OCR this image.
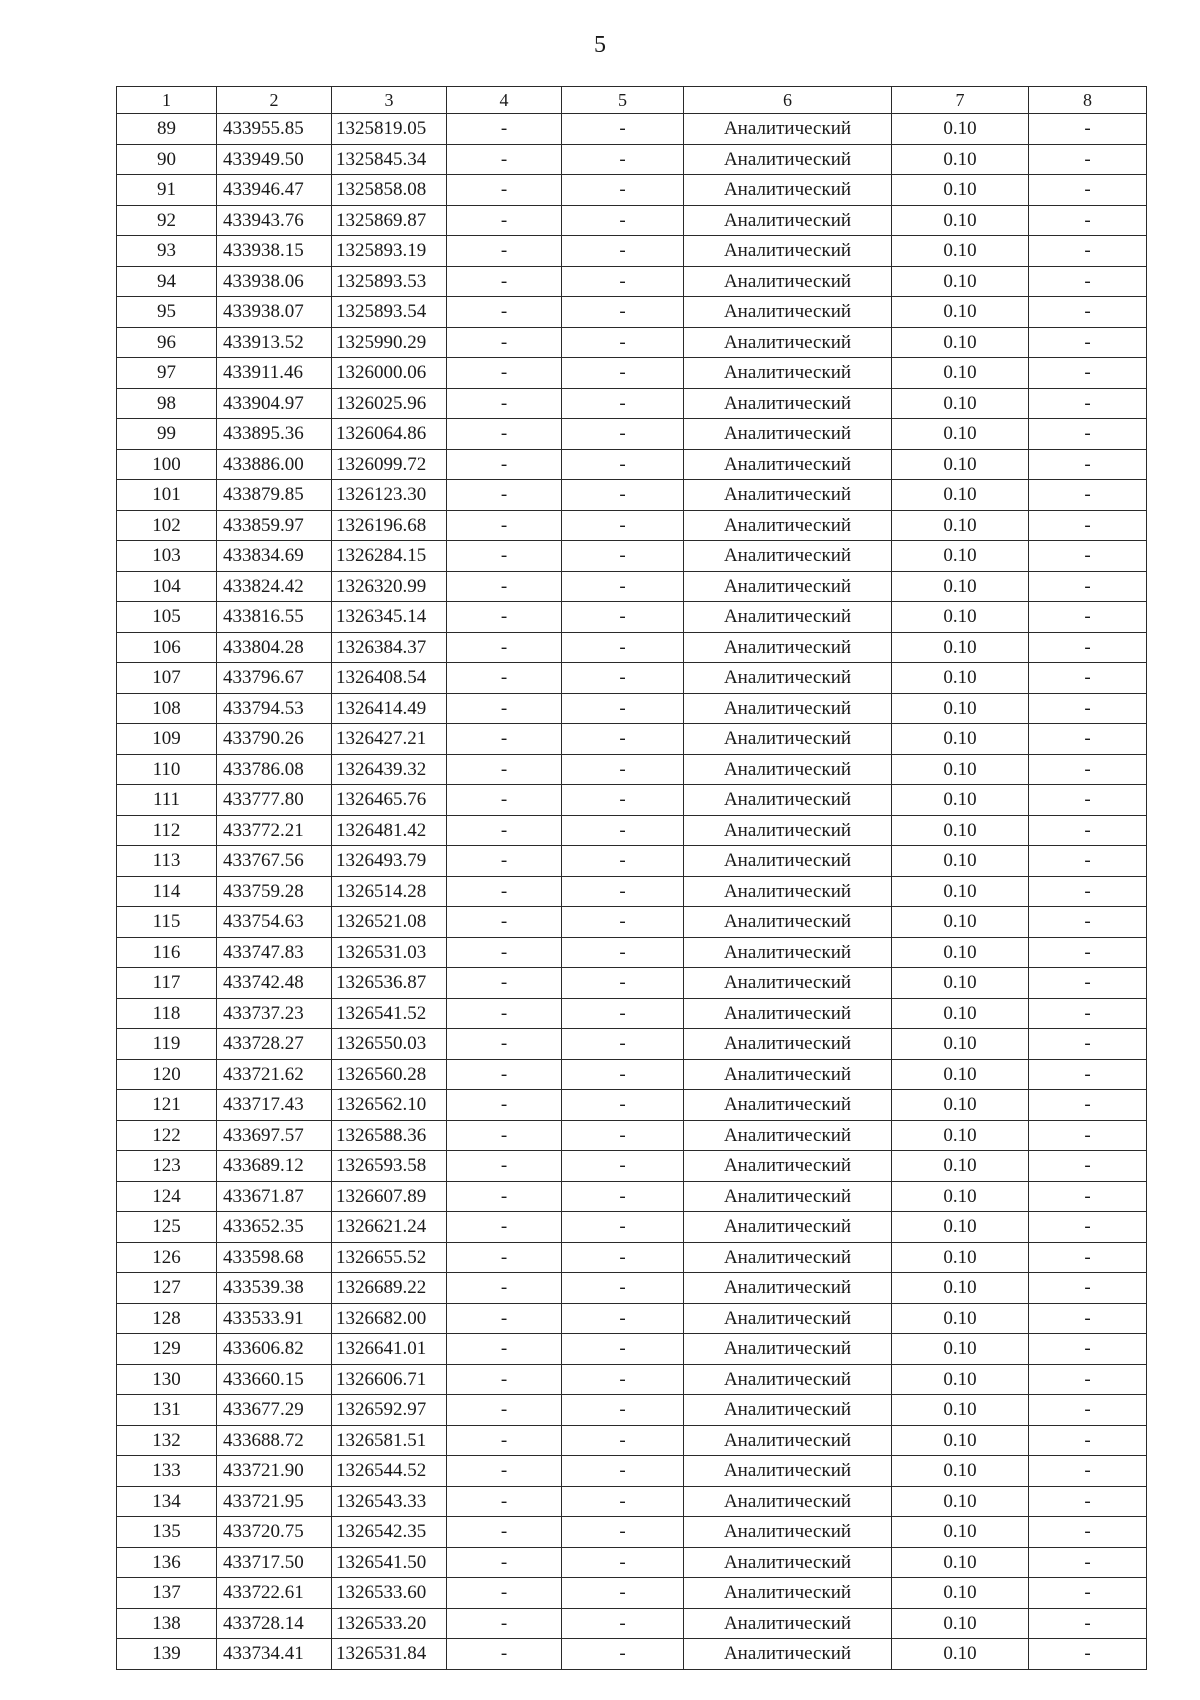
5
1	2	3	4	5	6	7	8
89	433955.85	1325819.05	-	-	Аналитический	0.10	-
90	433949.50	1325845.34	-	-	Аналитический	0.10	-
91	433946.47	1325858.08	-	-	Аналитический	0.10	-
92	433943.76	1325869.87	-	-	Аналитический	0.10	-
93	433938.15	1325893.19	-	-	Аналитический	0.10	-
94	433938.06	1325893.53	-	-	Аналитический	0.10	-
95	433938.07	1325893.54	-	-	Аналитический	0.10	-
96	433913.52	1325990.29	-	-	Аналитический	0.10	-
97	433911.46	1326000.06	-	-	Аналитический	0.10	-
98	433904.97	1326025.96	-	-	Аналитический	0.10	-
99	433895.36	1326064.86	-	-	Аналитический	0.10	-
100	433886.00	1326099.72	-	-	Аналитический	0.10	-
101	433879.85	1326123.30	-	-	Аналитический	0.10	-
102	433859.97	1326196.68	-	-	Аналитический	0.10	-
103	433834.69	1326284.15	-	-	Аналитический	0.10	-
104	433824.42	1326320.99	-	-	Аналитический	0.10	-
105	433816.55	1326345.14	-	-	Аналитический	0.10	-
106	433804.28	1326384.37	-	-	Аналитический	0.10	-
107	433796.67	1326408.54	-	-	Аналитический	0.10	-
108	433794.53	1326414.49	-	-	Аналитический	0.10	-
109	433790.26	1326427.21	-	-	Аналитический	0.10	-
110	433786.08	1326439.32	-	-	Аналитический	0.10	-
111	433777.80	1326465.76	-	-	Аналитический	0.10	-
112	433772.21	1326481.42	-	-	Аналитический	0.10	-
113	433767.56	1326493.79	-	-	Аналитический	0.10	-
114	433759.28	1326514.28	-	-	Аналитический	0.10	-
115	433754.63	1326521.08	-	-	Аналитический	0.10	-
116	433747.83	1326531.03	-	-	Аналитический	0.10	-
117	433742.48	1326536.87	-	-	Аналитический	0.10	-
118	433737.23	1326541.52	-	-	Аналитический	0.10	-
119	433728.27	1326550.03	-	-	Аналитический	0.10	-
120	433721.62	1326560.28	-	-	Аналитический	0.10	-
121	433717.43	1326562.10	-	-	Аналитический	0.10	-
122	433697.57	1326588.36	-	-	Аналитический	0.10	-
123	433689.12	1326593.58	-	-	Аналитический	0.10	-
124	433671.87	1326607.89	-	-	Аналитический	0.10	-
125	433652.35	1326621.24	-	-	Аналитический	0.10	-
126	433598.68	1326655.52	-	-	Аналитический	0.10	-
127	433539.38	1326689.22	-	-	Аналитический	0.10	-
128	433533.91	1326682.00	-	-	Аналитический	0.10	-
129	433606.82	1326641.01	-	-	Аналитический	0.10	-
130	433660.15	1326606.71	-	-	Аналитический	0.10	-
131	433677.29	1326592.97	-	-	Аналитический	0.10	-
132	433688.72	1326581.51	-	-	Аналитический	0.10	-
133	433721.90	1326544.52	-	-	Аналитический	0.10	-
134	433721.95	1326543.33	-	-	Аналитический	0.10	-
135	433720.75	1326542.35	-	-	Аналитический	0.10	-
136	433717.50	1326541.50	-	-	Аналитический	0.10	-
137	433722.61	1326533.60	-	-	Аналитический	0.10	-
138	433728.14	1326533.20	-	-	Аналитический	0.10	-
139	433734.41	1326531.84	-	-	Аналитический	0.10	-
